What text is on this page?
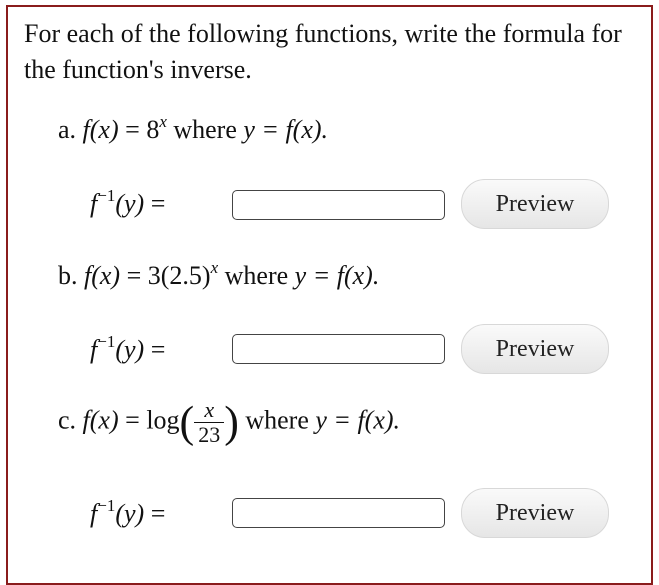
For each of the following functions, write the formula for the function's inverse.
a. $f(x) = 8^x$ where y = f(x).
$f^{-1}(y)$ =	Preview
b. $f(x) = 3(2.5)^x$ where y = f(x).
$f^{-1}(y)$ =	Preview
c. $f(x) = \log( \frac{x}{23}$ ) where y = f(x).
$f^{-1}(y)$ =	Preview
